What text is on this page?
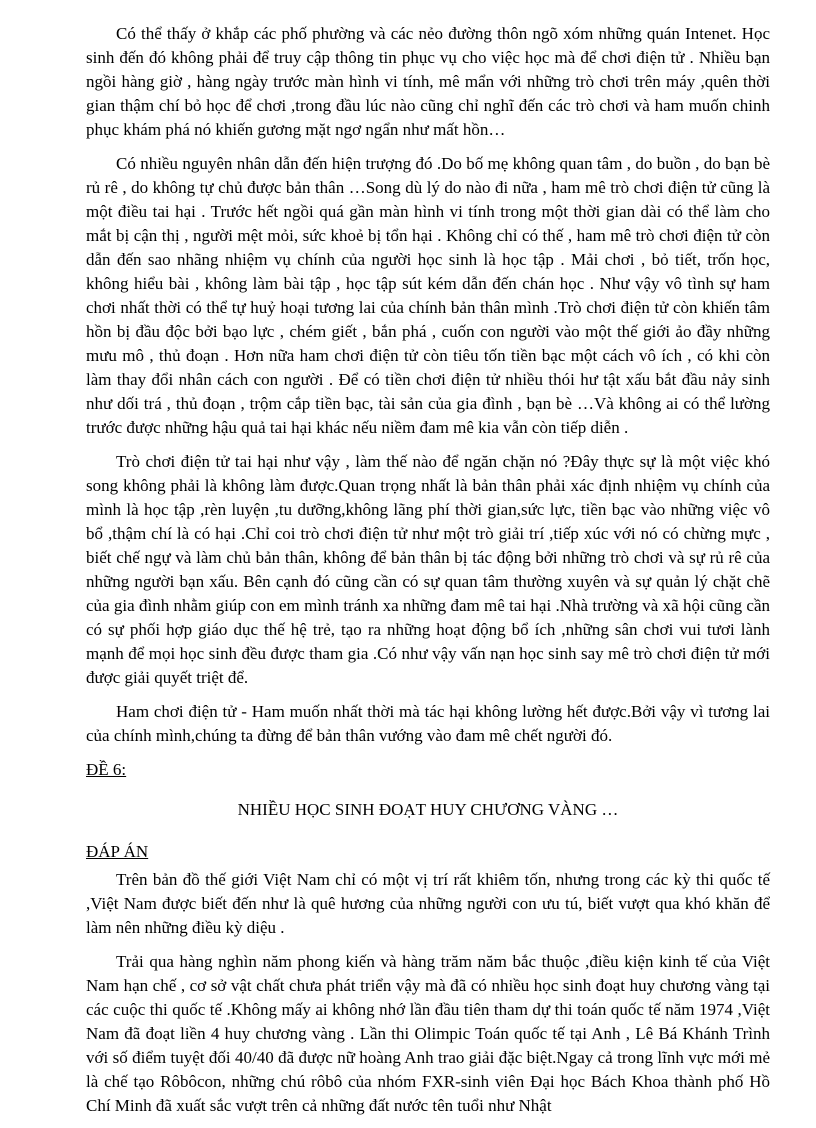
Có thể thấy ở khắp các phố phường và các nẻo đường thôn ngõ xóm những quán Intenet. Học sinh đến đó không phải để truy cập thông tin phục vụ cho việc học mà để chơi điện tử . Nhiều bạn ngồi hàng giờ , hàng ngày trước màn hình vi tính, mê mẩn với những trò chơi trên máy ,quên thời gian thậm chí bỏ học để chơi ,trong đầu lúc nào cũng chỉ nghĩ đến các trò chơi và ham muốn chinh phục khám phá nó khiến gương mặt ngơ ngẩn như mất hồn…

Có nhiều nguyên nhân dẫn đến hiện trượng đó .Do bố mẹ không quan tâm , do buồn , do bạn bè rủ rê , do không tự chủ được bản thân …Song dù lý do nào đi nữa , ham mê trò chơi điện tử cũng là một điều tai hại . Trước hết ngồi quá gần màn hình vi tính trong một thời gian dài có thể làm cho mắt bị cận thị , người mệt mỏi, sức khoẻ bị tổn hại . Không chỉ có thế , ham mê trò chơi điện tử còn dẫn đến sao nhãng nhiệm vụ chính của người học sinh là học tập . Mải chơi , bỏ tiết, trốn học, không hiểu bài , không làm bài tập , học tập sút kém dẫn đến chán học . Như vậy vô tình sự ham chơi nhất thời có thể tự huỷ hoại tương lai của chính bản thân mình .Trò chơi điện tử còn khiến tâm hồn bị đầu độc bởi bạo lực , chém giết , bắn phá , cuốn con người vào một thế giới ảo đầy những mưu mô , thủ đoạn . Hơn nữa ham chơi điện tử còn tiêu tốn tiền bạc một cách vô ích , có khi còn làm thay đổi nhân cách con người . Để có tiền chơi điện tử nhiều thói hư tật xấu bắt đầu nảy sinh như dối trá , thủ đoạn , trộm cắp tiền bạc, tài sản của gia đình , bạn bè …Và không ai có thể lường trước được những hậu quả tai hại khác nếu niềm đam mê kia vẫn còn tiếp diễn .

Trò chơi điện tử tai hại như vậy , làm thế nào để ngăn chặn nó ?Đây thực sự là một việc khó song không phải là không làm được.Quan trọng nhất là bản thân phải xác định nhiệm vụ chính của mình là học tập ,rèn luyện ,tu dưỡng,không lãng phí thời gian,sức lực, tiền bạc vào những việc vô bổ ,thậm chí là có hại .Chỉ coi trò chơi điện tử như một trò giải trí ,tiếp xúc với nó có chừng mực , biết chế ngự và làm chủ bản thân, không để bản thân bị tác động bởi những trò chơi và sự rủ rê của những người bạn xấu. Bên cạnh đó cũng cần có sự quan tâm thường xuyên và sự quản lý chặt chẽ của gia đình nhằm giúp con em mình tránh xa những đam mê tai hại .Nhà trường và xã hội cũng cần có sự phối hợp giáo dục thế hệ trẻ, tạo ra những hoạt động bổ ích ,những sân chơi vui tươi lành mạnh để mọi học sinh đều được tham gia .Có như vậy vấn nạn học sinh say mê trò chơi điện tử mới được giải quyết triệt để.

Ham chơi điện tử - Ham muốn nhất thời mà tác hại không lường hết được.Bởi vậy vì tương lai của chính mình,chúng ta đừng để bản thân vướng vào đam mê chết người đó.

ĐỀ 6:

NHIỀU HỌC SINH ĐOẠT HUY CHƯƠNG VÀNG …

ĐÁP ÁN

Trên bản đồ thế giới Việt Nam chỉ có một vị trí rất khiêm tốn, nhưng trong các kỳ thi quốc tế ,Việt Nam được biết đến như là quê hương của những người con ưu tú, biết vượt qua khó khăn để làm nên những điều kỳ diệu .

Trải qua hàng nghìn năm phong kiến và hàng trăm năm bắc thuộc ,điều kiện kinh tế của Việt Nam hạn chế , cơ sở vật chất chưa phát triển vậy mà đã có nhiều học sinh đoạt huy chương vàng tại các cuộc thi quốc tế .Không mấy ai không nhớ lần đầu tiên tham dự thi toán quốc tế năm 1974 ,Việt Nam đã đoạt liền 4 huy chương vàng . Lần thi Olimpic Toán quốc tế tại Anh , Lê Bá Khánh Trình với số điểm tuyệt đối 40/40 đã được nữ hoàng Anh trao giải đặc biệt.Ngay cả trong lĩnh vực mới mẻ là chế tạo Rôbôcon, những chú rôbô của nhóm FXR-sinh viên Đại học Bách Khoa thành phố Hồ Chí Minh đã xuất sắc vượt trên cả những đất nước tên tuổi như Nhật
